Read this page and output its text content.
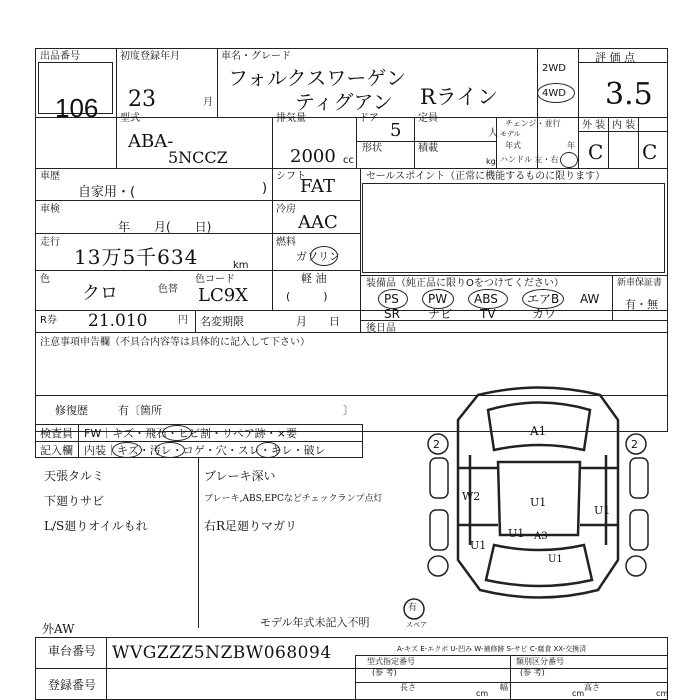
出品番号
106
初度登録年月
23	月
車名・グレード
フォルクスワーゲン
ティグアン Rライン
2WD
4WD
評 価 点
3.5
外 装 内 装
C C
型式
ABA-
5NCCZ
排気量
2000 cc
ドア
5
形状
定員
人
積載
kg
チェンジ・並行
モデル
年式	年
ハンドル 左・右
車歴
自家用・(	)
シフト
FAT
車検
年　　月(　　日)
冷房
AAC
走行
13万5千634	km
燃料
ガソリン
軽 油
(　　　)
色
クロ	色替
色コード
LC9X
R券 21.010	円 名変期限	月　　日
セールスポイント（正常に機能するものに限ります）
装備品（純正品に限りOをつけてください）	新車保証書
有・無
PS PW ABS エアB AW
SR ナビ TV	カワ
後日品
注意事項申告欄（不具合内容等は具体的に記入して下さい）
修復歴	有〔箇所	〕
検査員
記入欄
FW｜キズ・飛石・ヒビ割・リペア跡・×要
内装｜キズ・汚レ・コゲ・穴・スレ・キレ・破レ
天張タルミ	ブレーキ深い
下廻りサビ	ブレーキ,ABS,EPCなどチェックランプ点灯
L/S廻りオイルもれ	右R足廻りマガリ
モデル年式未記入不明
外AW
2	2
A1
W2	U1
U1
U1
U1 A3
U1
有
スペア
A-キズ E-エクボ U-凹み W-補修跡 S-サビ C-腐食 XX-交換済
車台番号 WVGZZZ5NZBW068094
登録番号
型式指定番号
(参 考)
類別区分番号
(参 考)
長さ
cm
幅
cm
高さ
cm
